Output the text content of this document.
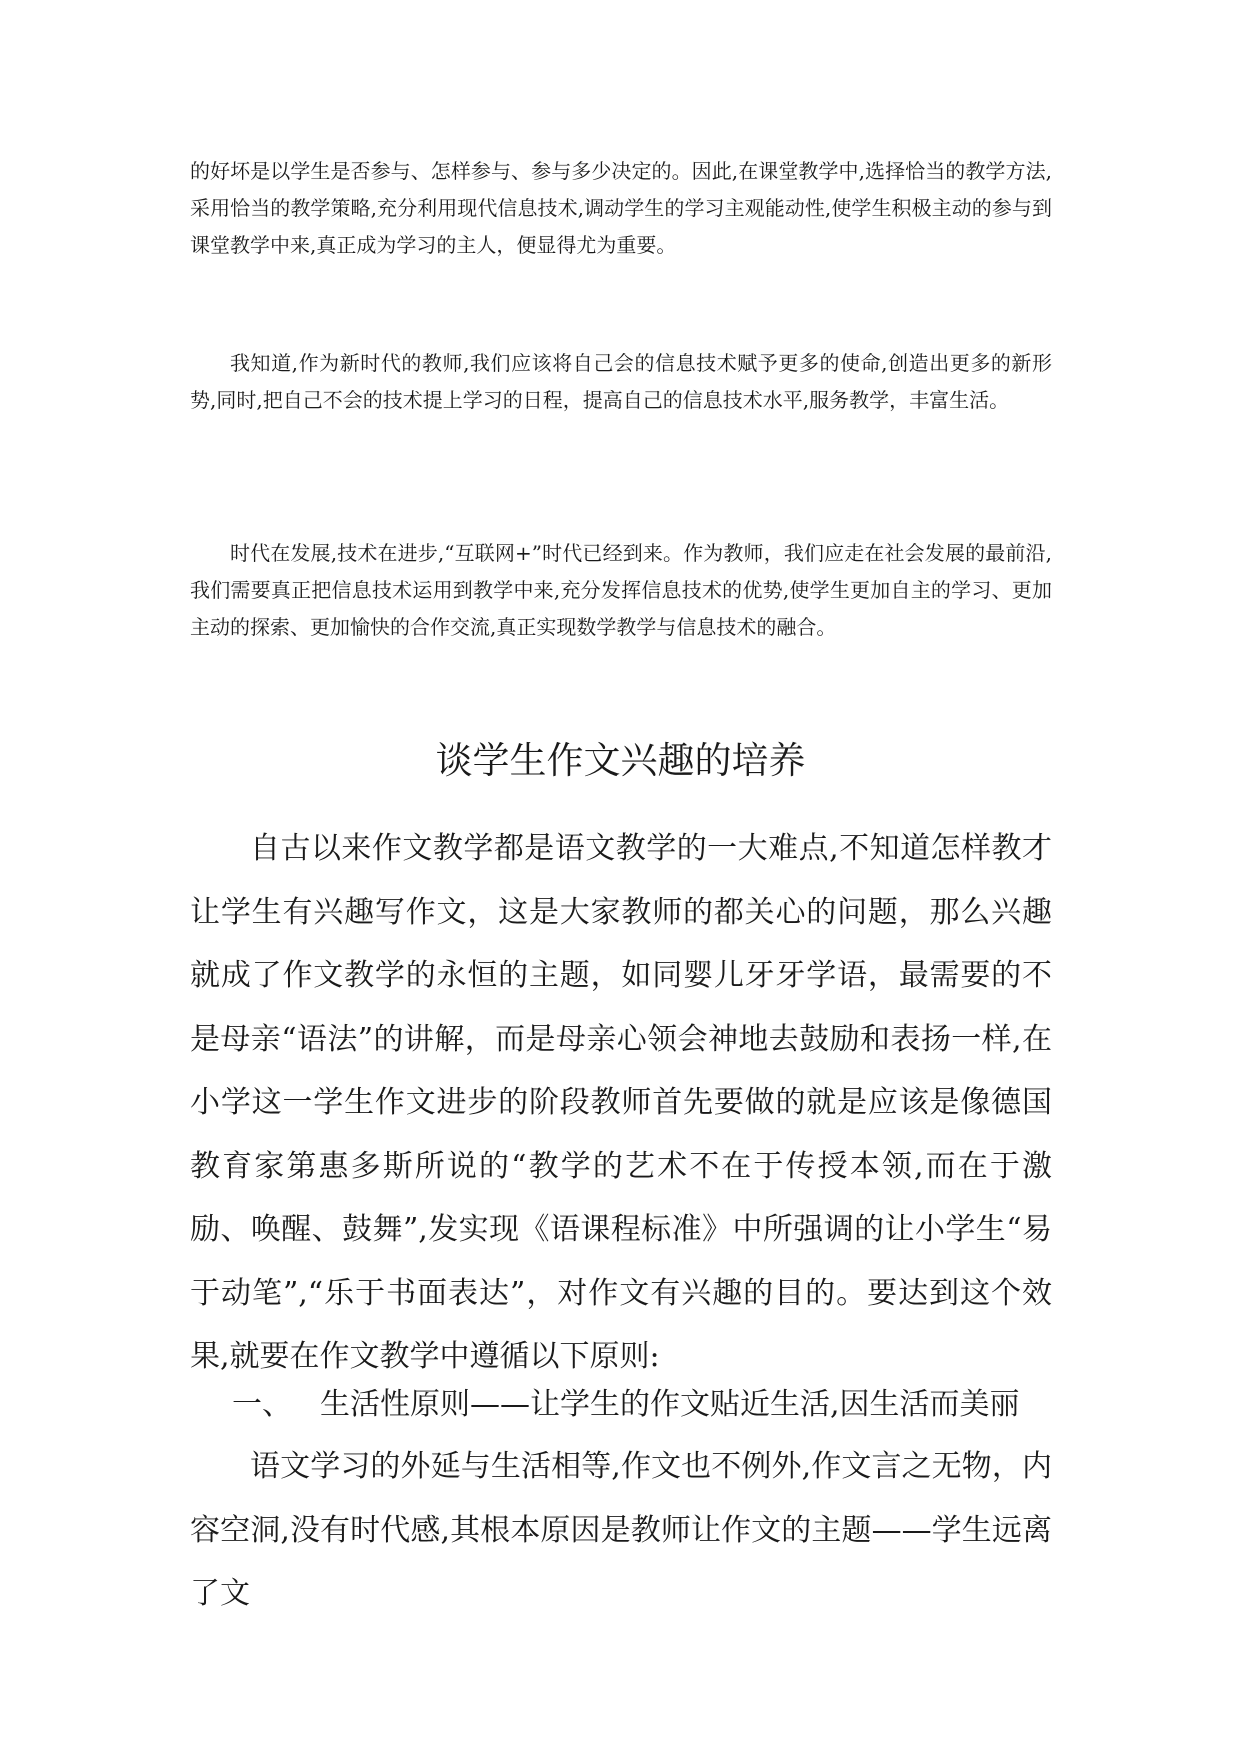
的好坏是以学生是否参与、怎样参与、参与多少决定的。因此,在课堂教学中,选择恰当的教学方法,采用恰当的教学策略,充分利用现代信息技术,调动学生的学习主观能动性,使学生积极主动的参与到课堂教学中来,真正成为学习的主人，便显得尤为重要。

我知道,作为新时代的教师,我们应该将自己会的信息技术赋予更多的使命,创造出更多的新形势,同时,把自己不会的技术提上学习的日程，提高自己的信息技术水平,服务教学，丰富生活。

时代在发展,技术在进步,“互联网+”时代已经到来。作为教师，我们应走在社会发展的最前沿,我们需要真正把信息技术运用到教学中来,充分发挥信息技术的优势,使学生更加自主的学习、更加主动的探索、更加愉快的合作交流,真正实现数学教学与信息技术的融合。

谈学生作文兴趣的培养

自古以来作文教学都是语文教学的一大难点,不知道怎样教才让学生有兴趣写作文，这是大家教师的都关心的问题，那么兴趣就成了作文教学的永恒的主题，如同婴儿牙牙学语，最需要的不是母亲“语法”的讲解，而是母亲心领会神地去鼓励和表扬一样,在小学这一学生作文进步的阶段教师首先要做的就是应该是像德国教育家第惠多斯所说的“教学的艺术不在于传授本领,而在于激励、唤醒、鼓舞”,发实现《语课程标准》中所强调的让小学生“易于动笔”,“乐于书面表达”，对作文有兴趣的目的。要达到这个效果,就要在作文教学中遵循以下原则:

一、 生活性原则——让学生的作文贴近生活,因生活而美丽

语文学习的外延与生活相等,作文也不例外,作文言之无物，内容空洞,没有时代感,其根本原因是教师让作文的主题——学生远离了文
